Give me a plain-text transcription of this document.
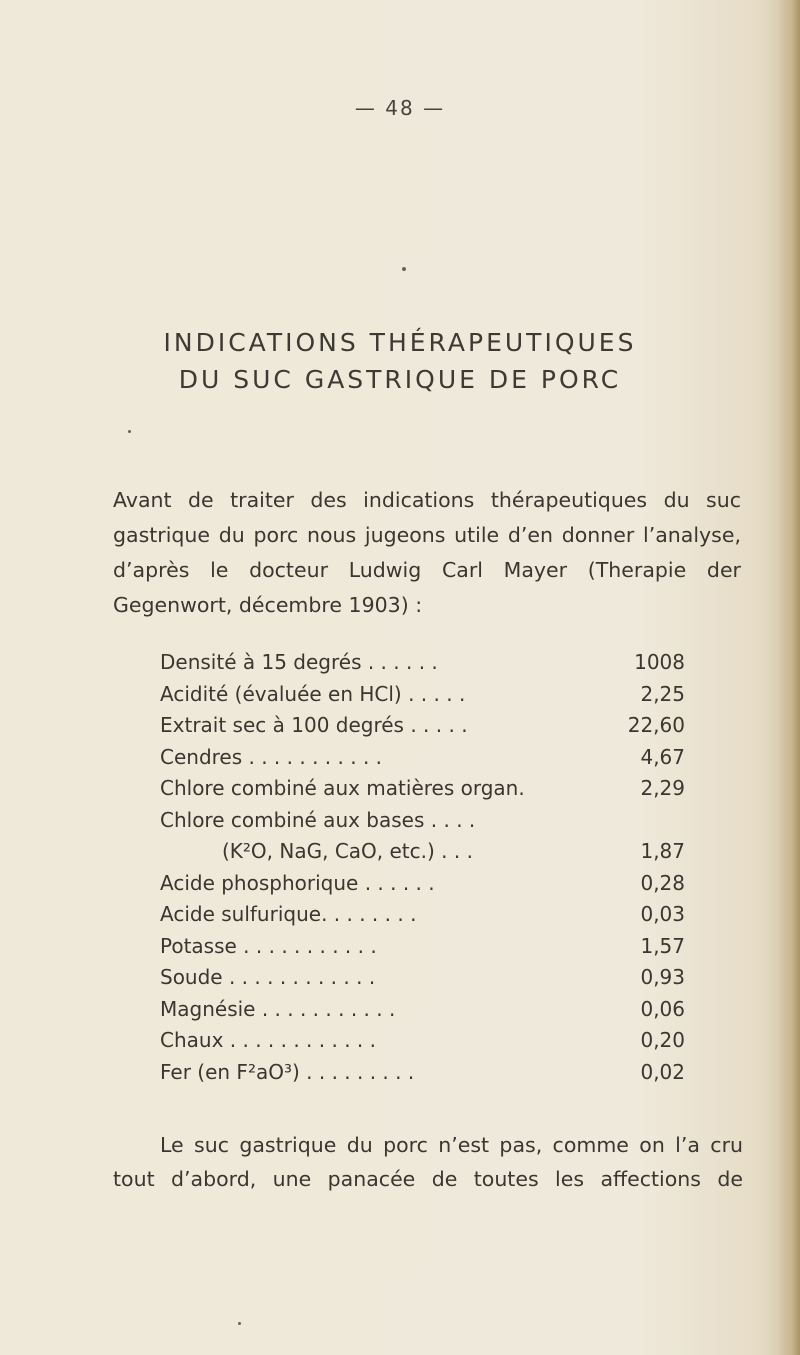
— 48 —
INDICATIONS THÉRAPEUTIQUES
DU SUC GASTRIQUE DE PORC
Avant de traiter des indications thérapeutiques du suc
gastrique du porc nous jugeons utile d’en donner l’analyse,
d’après le docteur Ludwig Carl Mayer (Therapie der
Gegenwort, décembre 1903) :
Densité à 15 degrés . . . . . .	1008
Acidité (évaluée en HCl) . . . . .	2,25
Extrait sec à 100 degrés . . . . .	22,60
Cendres . . . . . . . . . . .	4,67
Chlore combiné aux matières organ.	2,29
Chlore combiné aux bases . . . .
(K²O, NaG, CaO, etc.) . . .	1,87
Acide phosphorique . . . . . .	0,28
Acide sulfurique. . . . . . . .	0,03
Potasse . . . . . . . . . . .	1,57
Soude . . . . . . . . . . . .	0,93
Magnésie . . . . . . . . . . .	0,06
Chaux . . . . . . . . . . . .	0,20
Fer (en F²aO³) . . . . . . . . .	0,02
Le suc gastrique du porc n’est pas, comme on l’a cru
tout d’abord, une panacée de toutes les affections de
